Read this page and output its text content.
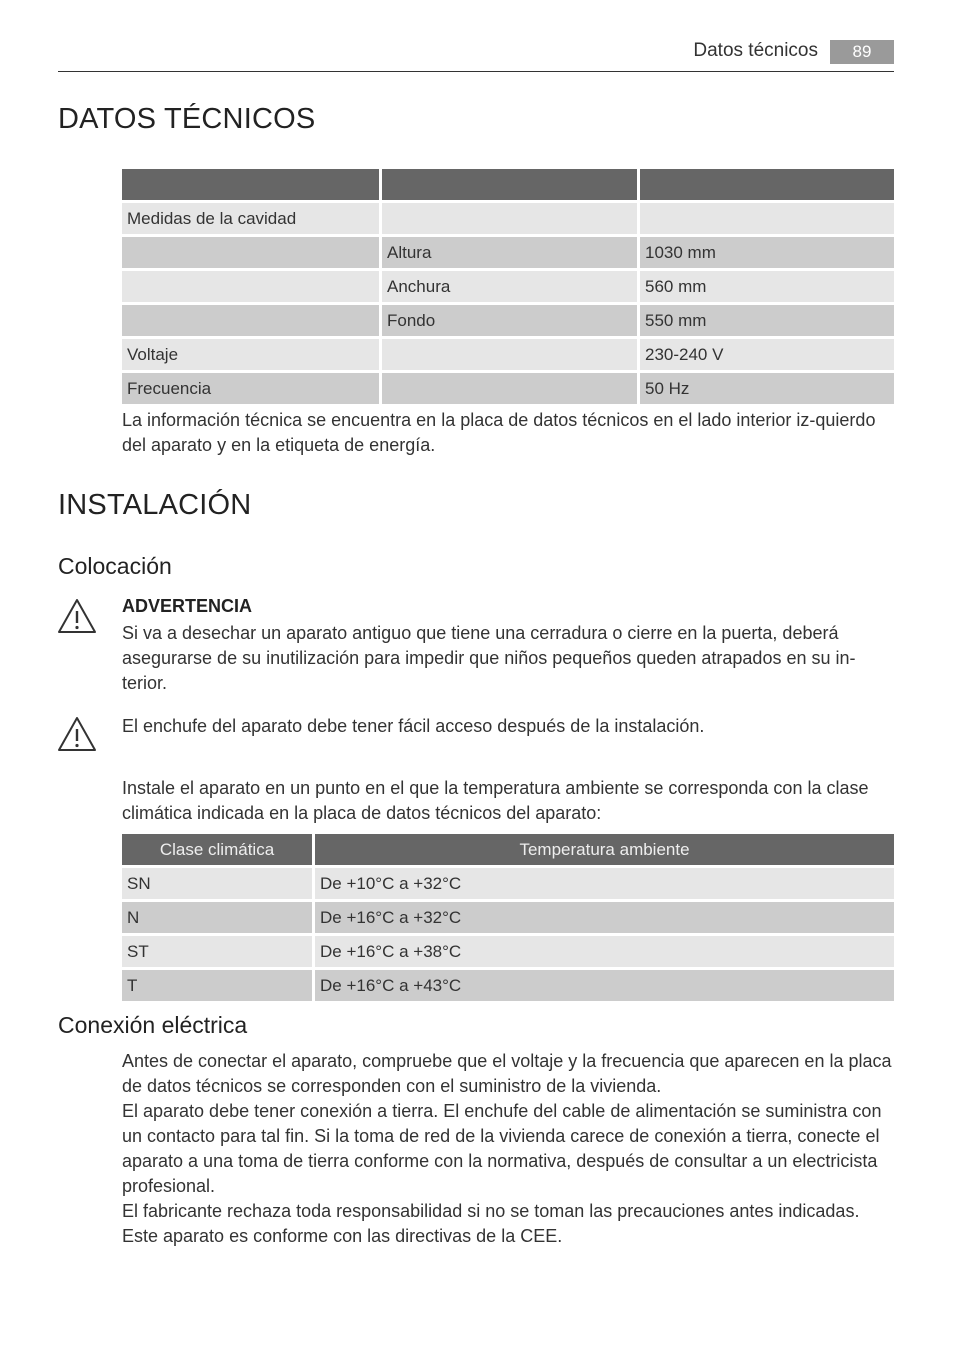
Datos técnicos	89
DATOS TÉCNICOS

Medidas de la cavidad		
	Altura	1030 mm
	Anchura	560 mm
	Fondo	550 mm
Voltaje		230-240 V
Frecuencia		50 Hz

La información técnica se encuentra en la placa de datos técnicos en el lado interior iz-quierdo del aparato y en la etiqueta de energía.

INSTALACIÓN
Colocación
ADVERTENCIA

Si va a desechar un aparato antiguo que tiene una cerradura o cierre en la puerta, deberá asegurarse de su inutilización para impedir que niños pequeños queden atrapados en su in-terior.

El enchufe del aparato debe tener fácil acceso después de la instalación.

Instale el aparato en un punto en el que la temperatura ambiente se corresponda con la clase climática indicada en la placa de datos técnicos del aparato:

Clase climática	Temperatura ambiente
SN	De +10°C a +32°C
N	De +16°C a +32°C
ST	De +16°C a +38°C
T	De +16°C a +43°C
Conexión eléctrica

Antes de conectar el aparato, compruebe que el voltaje y la frecuencia que aparecen en la placa de datos técnicos se corresponden con el suministro de la vivienda.

El aparato debe tener conexión a tierra. El enchufe del cable de alimentación se suministra con un contacto para tal fin. Si la toma de red de la vivienda carece de conexión a tierra, conecte el aparato a una toma de tierra conforme con la normativa, después de consultar a un electricista profesional.

El fabricante rechaza toda responsabilidad si no se toman las precauciones antes indicadas.

Este aparato es conforme con las directivas de la CEE.
